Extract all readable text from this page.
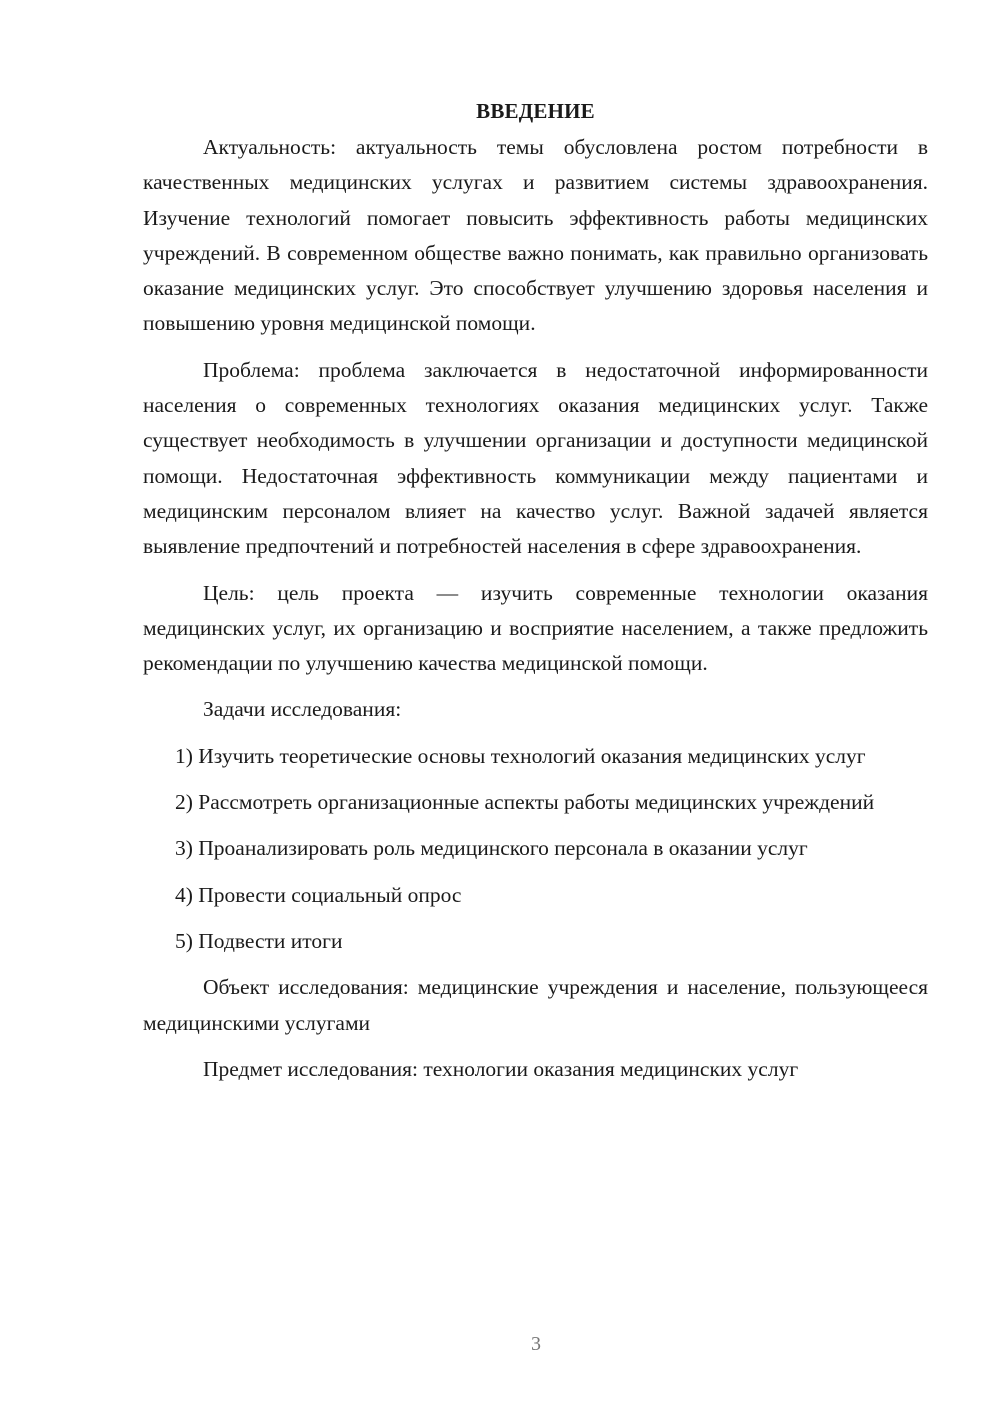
ВВЕДЕНИЕ

Актуальность: актуальность темы обусловлена ростом потребности в качественных медицинских услугах и развитием системы здравоохранения. Изучение технологий помогает повысить эффективность работы медицинских учреждений. В современном обществе важно понимать, как правильно организовать оказание медицинских услуг. Это способствует улучшению здоровья населения и повышению уровня медицинской помощи.

Проблема: проблема заключается в недостаточной информированности населения о современных технологиях оказания медицинских услуг. Также существует необходимость в улучшении организации и доступности медицинской помощи. Недостаточная эффективность коммуникации между пациентами и медицинским персоналом влияет на качество услуг. Важной задачей является выявление предпочтений и потребностей населения в сфере здравоохранения.

Цель: цель проекта — изучить современные технологии оказания медицинских услуг, их организацию и восприятие населением, а также предложить рекомендации по улучшению качества медицинской помощи.

Задачи исследования:

1) Изучить теоретические основы технологий оказания медицинских услуг

2) Рассмотреть организационные аспекты работы медицинских учреждений

3) Проанализировать роль медицинского персонала в оказании услуг

4) Провести социальный опрос

5) Подвести итоги

Объект исследования: медицинские учреждения и население, пользующееся медицинскими услугами

Предмет исследования: технологии оказания медицинских услуг

3
